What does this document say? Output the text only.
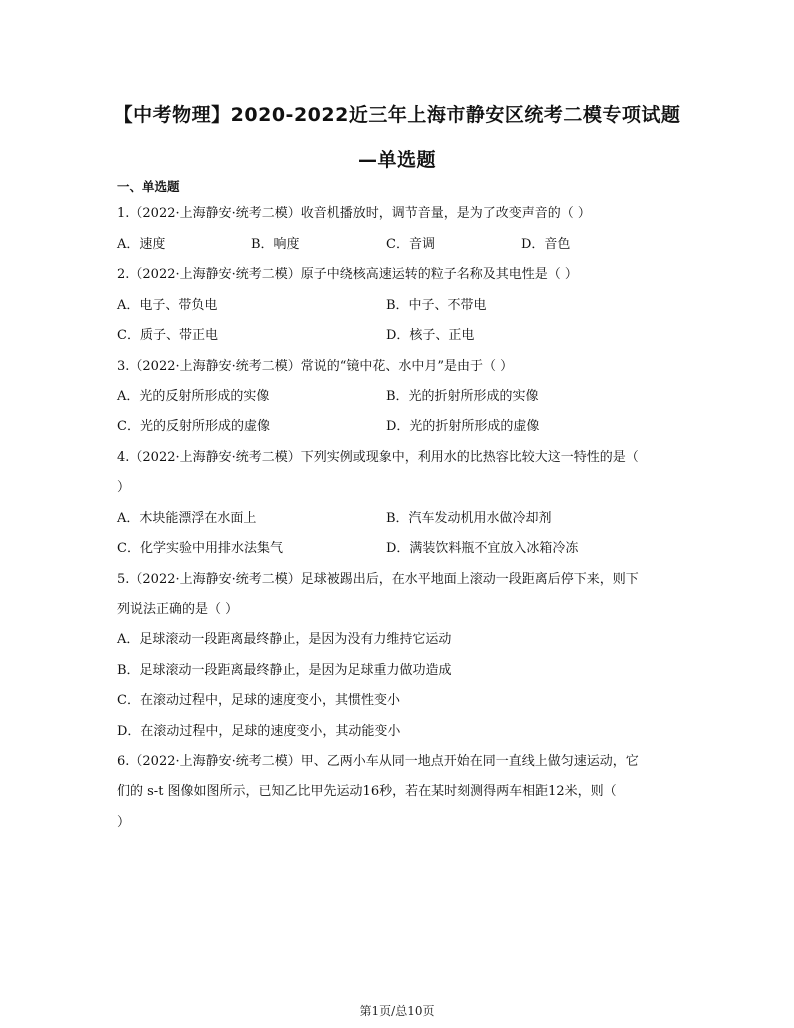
【中考物理】2020-2022近三年上海市静安区统考二模专项试题
—单选题
一、单选题
1.（2022·上海静安·统考二模）收音机播放时，调节音量，是为了改变声音的（ ）
A．速度	B．响度	C．音调	D．音色
2.（2022·上海静安·统考二模）原子中绕核高速运转的粒子名称及其电性是（ ）
A．电子、带负电	B．中子、不带电
C．质子、带正电	D．核子、正电
3.（2022·上海静安·统考二模）常说的“镜中花、水中月”是由于（ ）
A．光的反射所形成的实像	B．光的折射所形成的实像
C．光的反射所形成的虚像	D．光的折射所形成的虚像
4.（2022·上海静安·统考二模）下列实例或现象中，利用水的比热容比较大这一特性的是（
）
A．木块能漂浮在水面上	B．汽车发动机用水做冷却剂
C．化学实验中用排水法集气	D．满装饮料瓶不宜放入冰箱冷冻
5.（2022·上海静安·统考二模）足球被踢出后，在水平地面上滚动一段距离后停下来，则下
列说法正确的是（ ）
A．足球滚动一段距离最终静止，是因为没有力维持它运动
B．足球滚动一段距离最终静止，是因为足球重力做功造成
C．在滚动过程中，足球的速度变小，其惯性变小
D．在滚动过程中，足球的速度变小，其动能变小
6.（2022·上海静安·统考二模）甲、乙两小车从同一地点开始在同一直线上做匀速运动，它
们的 s-t 图像如图所示，已知乙比甲先运动16秒，若在某时刻测得两车相距12米，则（
）
第1页/总10页
